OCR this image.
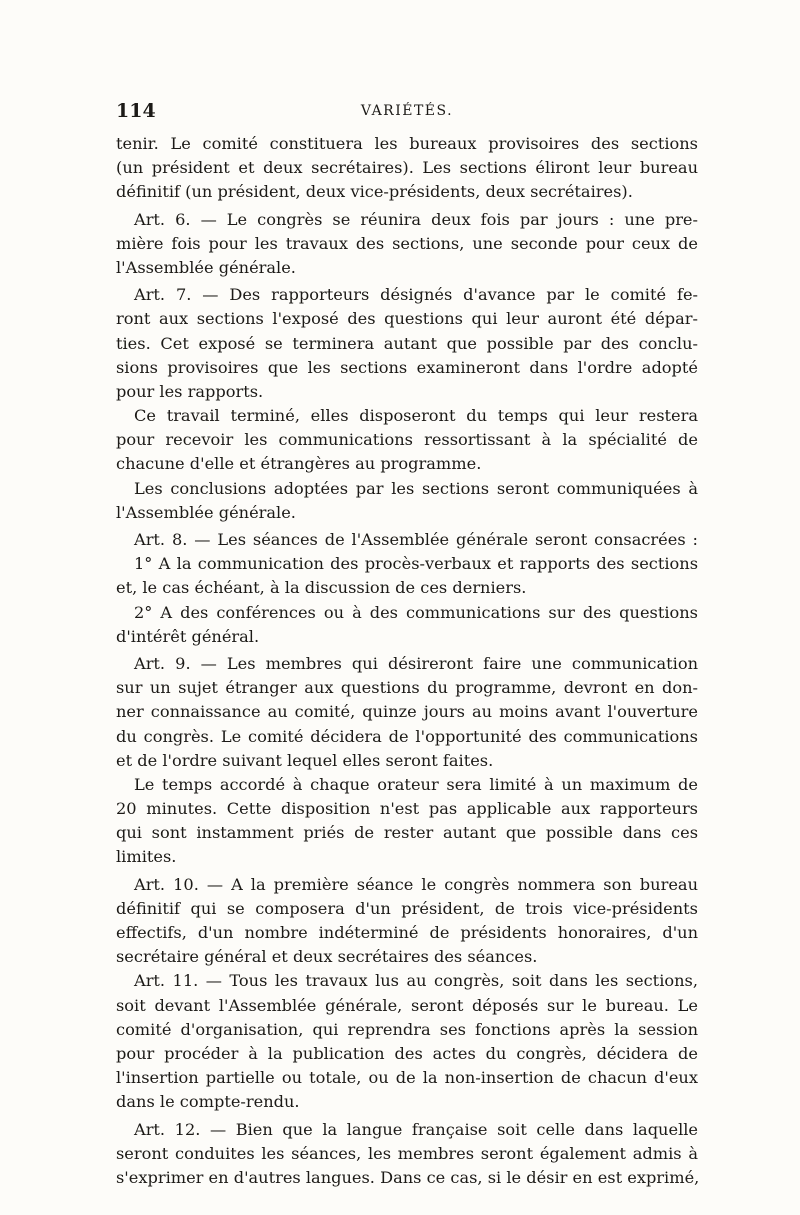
114	VARIÉTÉS.
tenir. Le comité constituera les bureaux provisoires des sections
(un président et deux secrétaires). Les sections éliront leur bureau
définitif (un président, deux vice-présidents, deux secrétaires).
Art. 6. — Le congrès se réunira deux fois par jours : une pre-
mière fois pour les travaux des sections, une seconde pour ceux de
l'Assemblée générale.
Art. 7. — Des rapporteurs désignés d'avance par le comité fe-
ront aux sections l'exposé des questions qui leur auront été dépar-
ties. Cet exposé se terminera autant que possible par des conclu-
sions provisoires que les sections examineront dans l'ordre adopté
pour les rapports.
Ce travail terminé, elles disposeront du temps qui leur restera
pour recevoir les communications ressortissant à la spécialité de
chacune d'elle et étrangères au programme.
Les conclusions adoptées par les sections seront communiquées à
l'Assemblée générale.
Art. 8. — Les séances de l'Assemblée générale seront consacrées :
1° A la communication des procès-verbaux et rapports des sections
et, le cas échéant, à la discussion de ces derniers.
2° A des conférences ou à des communications sur des questions
d'intérêt général.
Art. 9. — Les membres qui désireront faire une communication
sur un sujet étranger aux questions du programme, devront en don-
ner connaissance au comité, quinze jours au moins avant l'ouverture
du congrès. Le comité décidera de l'opportunité des communications
et de l'ordre suivant lequel elles seront faites.
Le temps accordé à chaque orateur sera limité à un maximum de
20 minutes. Cette disposition n'est pas applicable aux rapporteurs
qui sont instamment priés de rester autant que possible dans ces
limites.
Art. 10. — A la première séance le congrès nommera son bureau
définitif qui se composera d'un président, de trois vice-présidents
effectifs, d'un nombre indéterminé de présidents honoraires, d'un
secrétaire général et deux secrétaires des séances.
Art. 11. — Tous les travaux lus au congrès, soit dans les sections,
soit devant l'Assemblée générale, seront déposés sur le bureau. Le
comité d'organisation, qui reprendra ses fonctions après la session
pour procéder à la publication des actes du congrès, décidera de
l'insertion partielle ou totale, ou de la non-insertion de chacun d'eux
dans le compte-rendu.
Art. 12. — Bien que la langue française soit celle dans laquelle
seront conduites les séances, les membres seront également admis à
s'exprimer en d'autres langues. Dans ce cas, si le désir en est exprimé,
